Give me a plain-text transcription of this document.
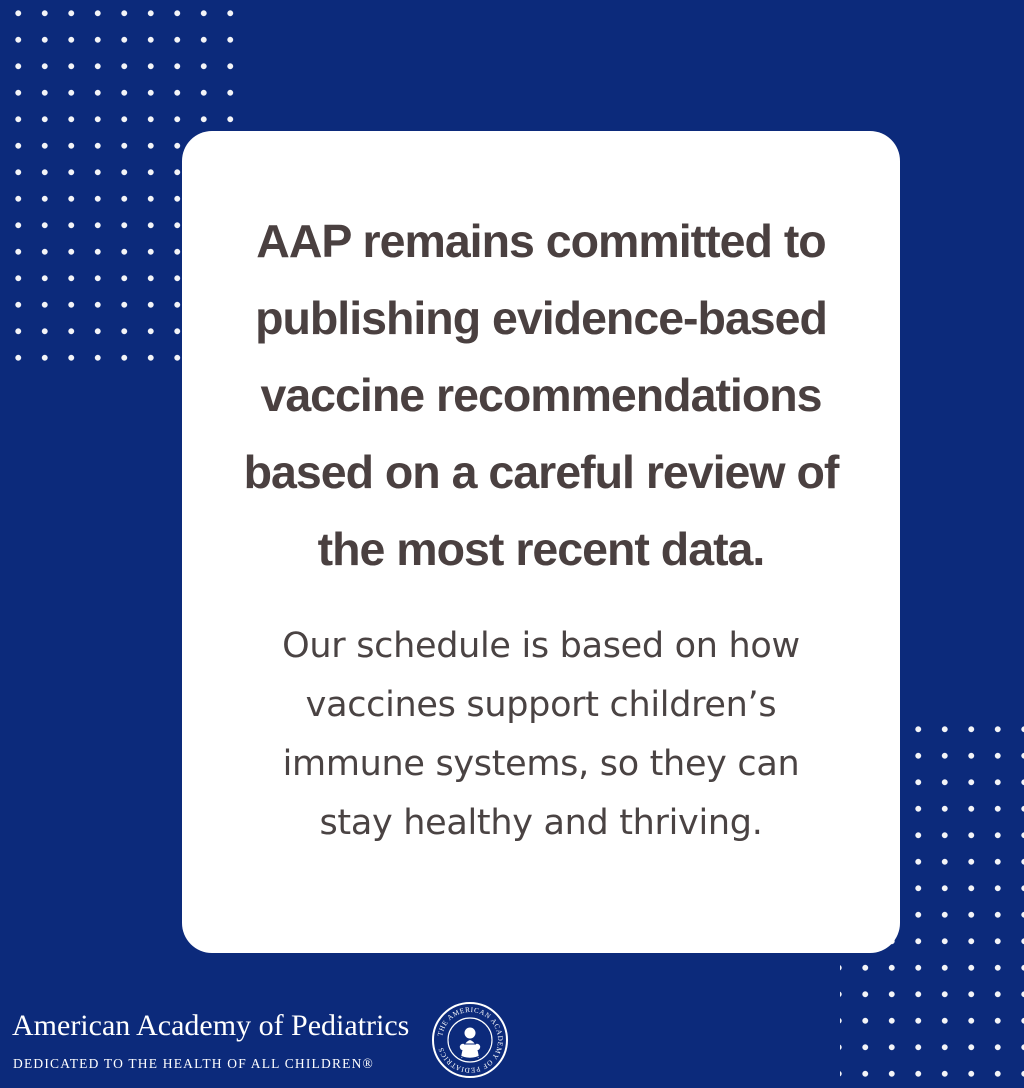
AAP remains committed to
publishing evidence-based
vaccine recommendations
based on a careful review of
the most recent data.

Our schedule is based on how
vaccines support children’s
immune systems, so they can
stay healthy and thriving.

American Academy of Pediatrics
DEDICATED TO THE HEALTH OF ALL CHILDREN®
THE AMERICAN ACADEMY OF PEDIATRICS
